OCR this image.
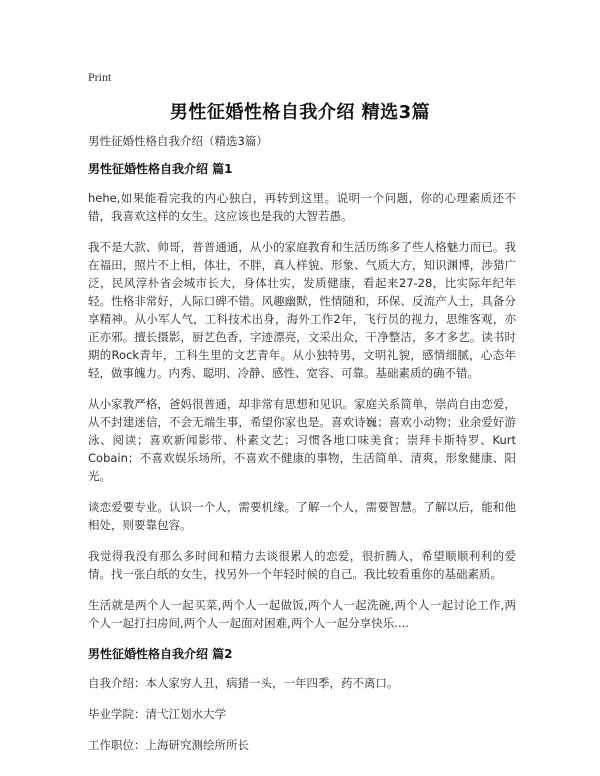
Print
男性征婚性格自我介绍 精选3篇

男性征婚性格自我介绍（精选3篇）

男性征婚性格自我介绍 篇1

hehe,如果能看完我的内心独白，再转到这里。说明一个问题，你的心理素质还不错，我喜欢这样的女生。这应该也是我的大智若愚。

我不是大款、帅哥，普普通通，从小的家庭教育和生活历练多了些人格魅力而已。我在福田，照片不上相，体壮，不胖，真人样貌、形象、气质大方，知识渊博，涉猎广泛，民风淳朴省会城市长大，身体壮实，发质健康，看起来27-28，比实际年纪年轻。性格非常好，人际口碑不错。风趣幽默，性情随和，环保、反流产人士，具备分享精神。从小军人气，工科技术出身，海外工作2年，飞行员的视力，思维客观，亦正亦邪。擅长摄影，厨艺色香，字迹漂亮，文采出众，干净整洁，多才多艺。读书时期的Rock青年，工科生里的文艺青年。从小独特男，文明礼貌，感情细腻，心态年轻，做事魄力。内秀、聪明、冷静、感性、宽容、可靠。基础素质的确不错。

从小家教严格，爸妈很普通，却非常有思想和见识。家庭关系简单，崇尚自由恋爱，从不封建迷信，不会无端生事，希望你家也是。喜欢诗巍；喜欢小动物；业余爱好游泳、阅读；喜欢新闻影带、朴素文艺；习惯各地口味美食；崇拜卡斯特罗、Kurt Cobain；不喜欢娱乐场所，不喜欢不健康的事物，生活简单、清爽，形象健康、阳光。

谈恋爱要专业。认识一个人，需要机缘。了解一个人，需要智慧。了解以后，能和他相处，则要靠包容。

我觉得我没有那么多时间和精力去谈很累人的恋爱，很折腾人，希望顺顺利利的爱情。找一张白纸的女生，找另外一个年轻时候的自己。我比较看重你的基础素质。

生活就是两个人一起买菜,两个人一起做饭,两个人一起洗碗,两个人一起讨论工作,两个人一起打扫房间,两个人一起面对困难,两个人一起分享快乐....

男性征婚性格自我介绍 篇2

自我介绍：本人家穷人丑，病猪一头，一年四季，药不离口。

毕业学院：清弋江划水大学

工作职位：上海研究测绘所所长
